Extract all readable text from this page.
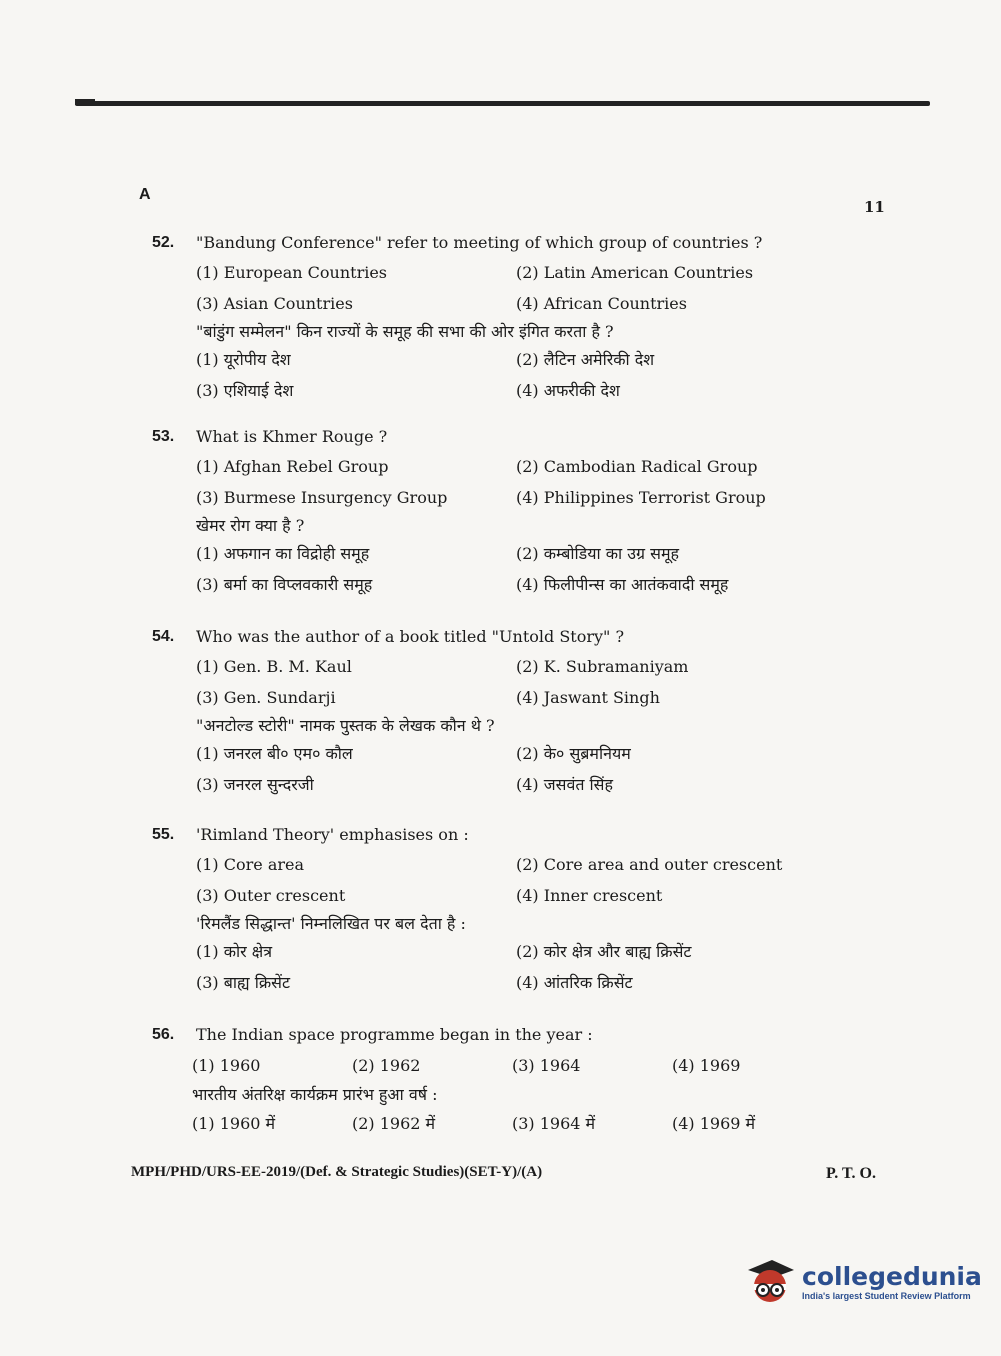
A
11
52.	"Bandung Conference" refer to meeting of which group of countries ?
(1) European Countries	(2) Latin American Countries
(3) Asian Countries	(4) African Countries
"बांडुंग सम्मेलन" किन राज्यों के समूह की सभा की ओर इंगित करता है ?
(1) यूरोपीय देश	(2) लैटिन अमेरिकी देश
(3) एशियाई देश	(4) अफरीकी देश
53.	What is Khmer Rouge ?
(1) Afghan Rebel Group	(2) Cambodian Radical Group
(3) Burmese Insurgency Group	(4) Philippines Terrorist Group
खेमर रोग क्या है ?
(1) अफगान का विद्रोही समूह	(2) कम्बोडिया का उग्र समूह
(3) बर्मा का विप्लवकारी समूह	(4) फिलीपीन्स का आतंकवादी समूह
54.	Who was the author of a book titled "Untold Story" ?
(1) Gen. B. M. Kaul	(2) K. Subramaniyam
(3) Gen. Sundarji	(4) Jaswant Singh
"अनटोल्ड स्टोरी" नामक पुस्तक के लेखक कौन थे ?
(1) जनरल बी० एम० कौल	(2) के० सुब्रमनियम
(3) जनरल सुन्दरजी	(4) जसवंत सिंह
55.	'Rimland Theory' emphasises on :
(1) Core area	(2) Core area and outer crescent
(3) Outer crescent	(4) Inner crescent
'रिमलैंड सिद्धान्त' निम्नलिखित पर बल देता है :
(1) कोर क्षेत्र	(2) कोर क्षेत्र और बाह्य क्रिसेंट
(3) बाह्य क्रिसेंट	(4) आंतरिक क्रिसेंट
56.	The Indian space programme began in the year :
(1) 1960	(2) 1962	(3) 1964	(4) 1969
भारतीय अंतरिक्ष कार्यक्रम प्रारंभ हुआ वर्ष :
(1) 1960 में	(2) 1962 में	(3) 1964 में	(4) 1969 में
MPH/PHD/URS-EE-2019/(Def. & Strategic Studies)(SET-Y)/(A)	P. T. O.
collegedunia
India's largest Student Review Platform
